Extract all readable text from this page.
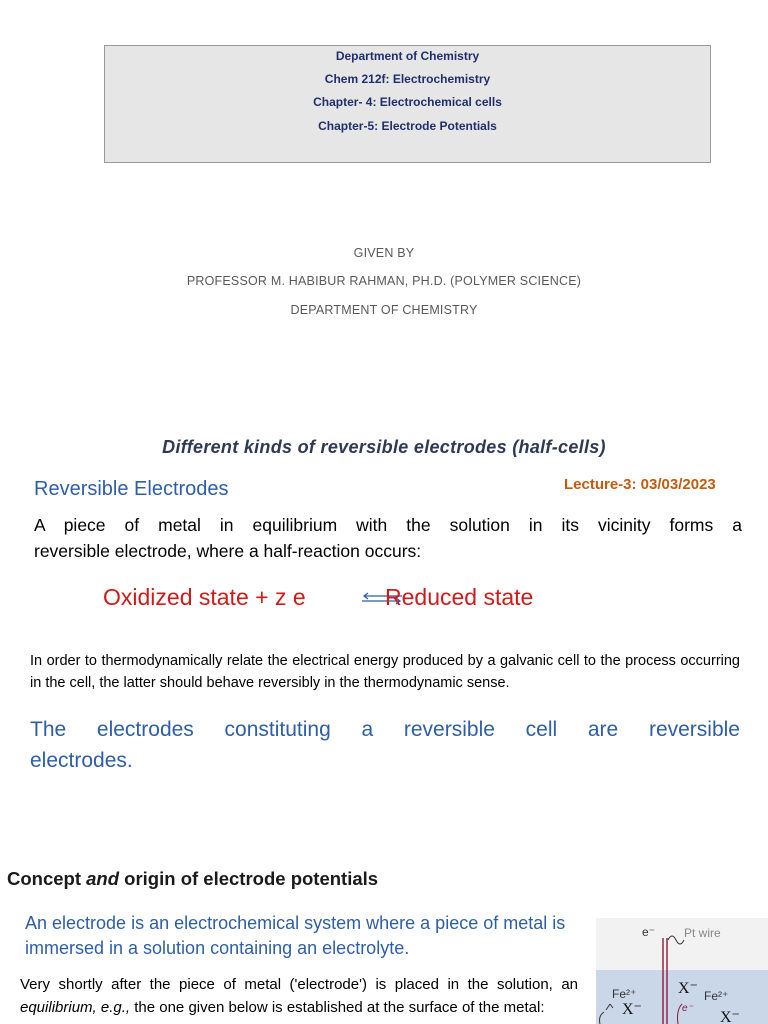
Department of Chemistry
Chem 212f: Electrochemistry
Chapter- 4: Electrochemical cells
Chapter-5: Electrode Potentials
GIVEN BY
PROFESSOR M. HABIBUR RAHMAN, PH.D. (POLYMER SCIENCE)
DEPARTMENT OF CHEMISTRY
Different kinds of reversible electrodes (half-cells)
Reversible Electrodes	Lecture-3: 03/03/2023
A piece of metal in equilibrium with the solution in its vicinity forms a
reversible electrode, where a half-reaction occurs:
Oxidized state + z e	Reduced state
In order to thermodynamically relate the electrical energy produced by a galvanic cell to the process occurring in the cell, the latter should behave reversibly in the thermodynamic sense.
The electrodes constituting a reversible cell are reversible
electrodes.
Concept and origin of electrode potentials
An electrode is an electrochemical system where a piece of metal is immersed in a solution containing an electrolyte.
Very shortly after the piece of metal ('electrode') is placed in the solution, an equilibrium, e.g., the one given below is established at the surface of the metal:
e⁻ Pt wire
Fe²⁺
X⁻
X⁻ Fe²⁺
X⁻
e⁻
